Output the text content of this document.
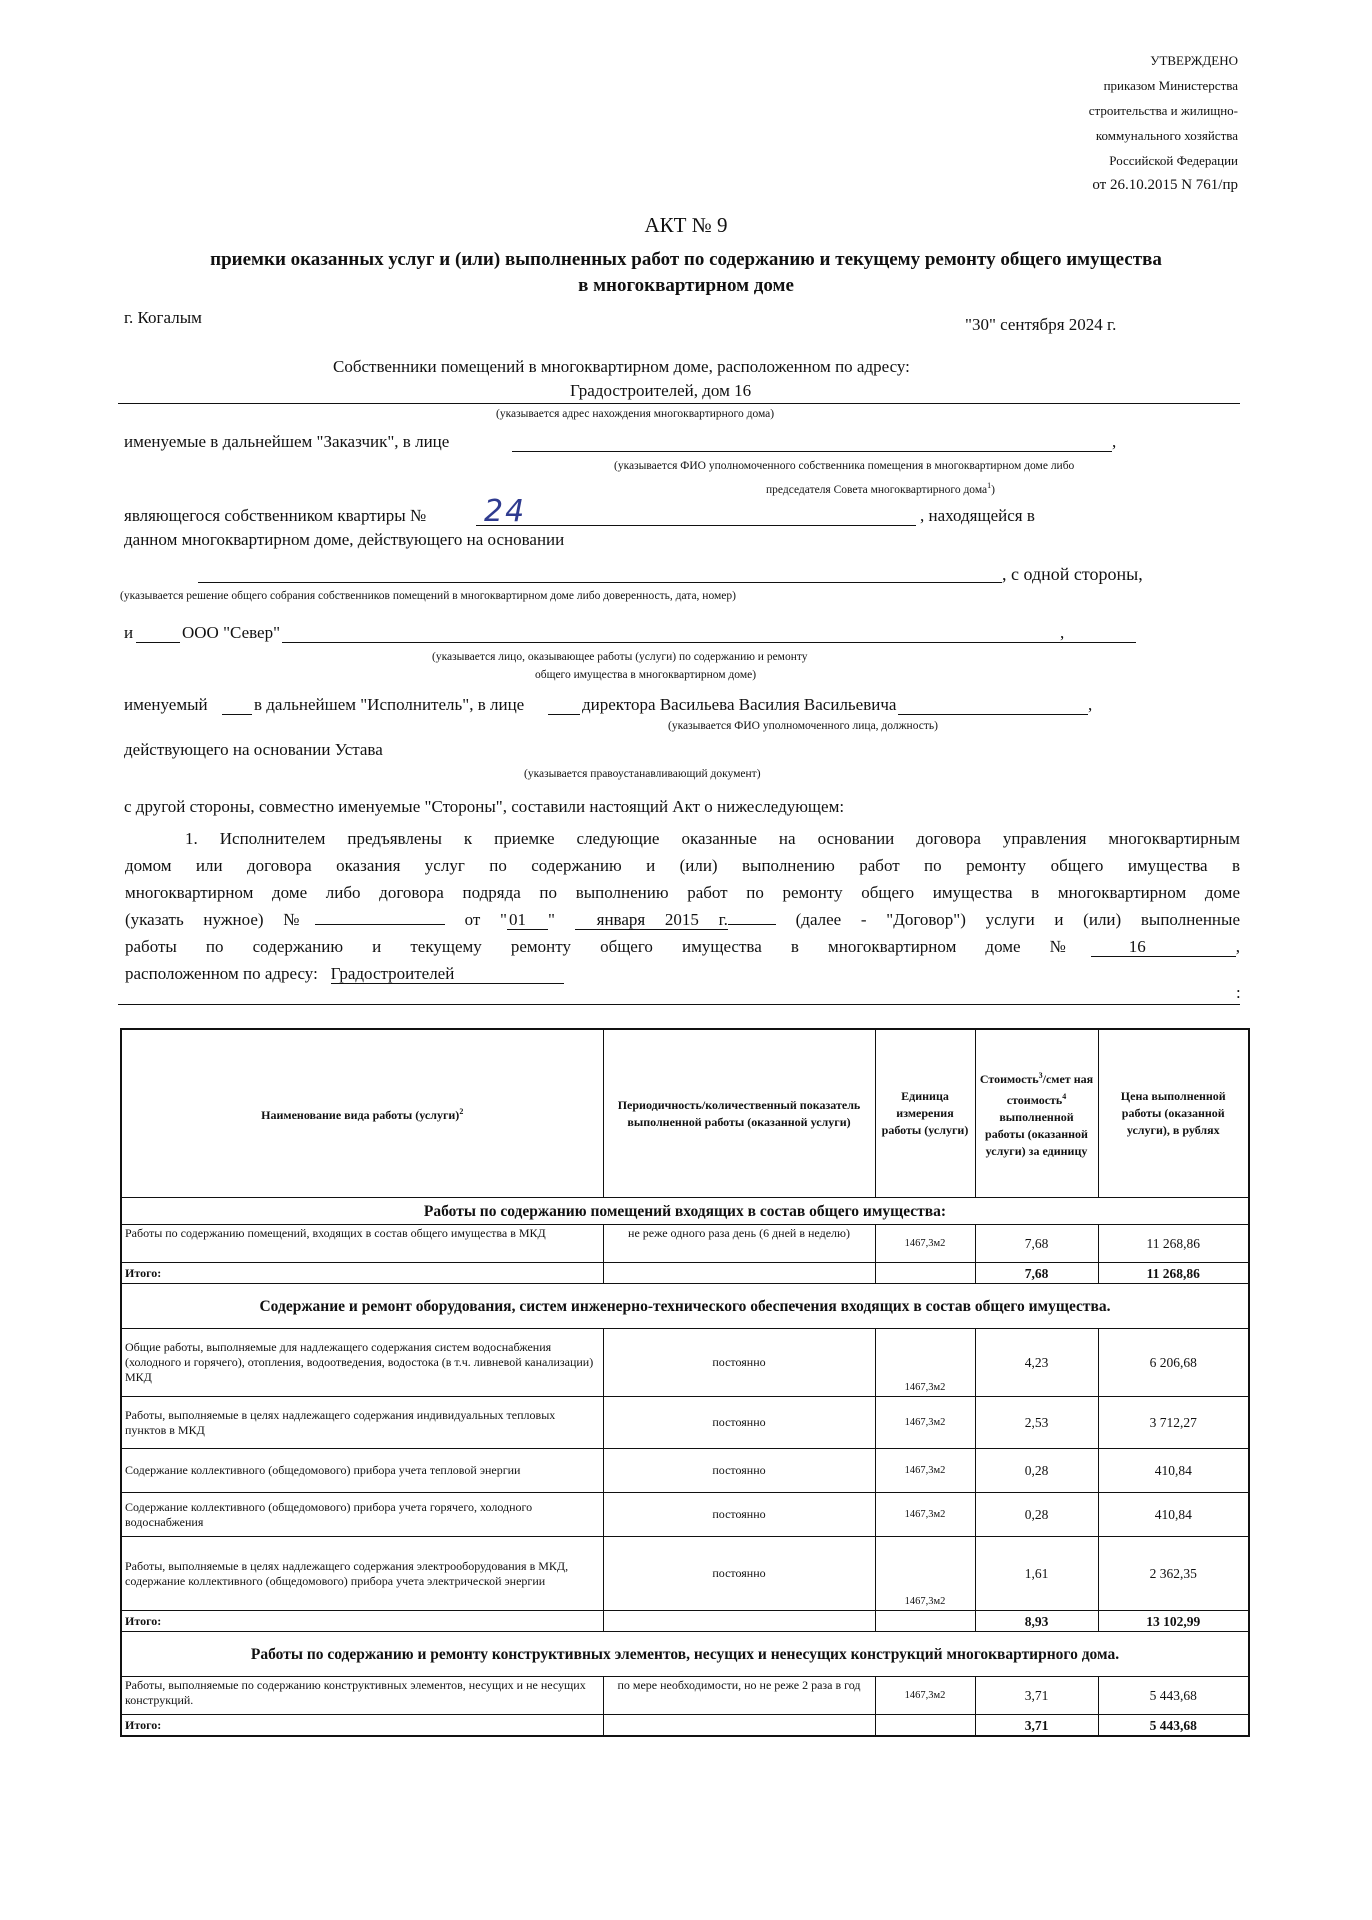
УТВЕРЖДЕНО
приказом Министерства
строительства и жилищно-
коммунального хозяйства
Российской Федерации
от 26.10.2015 N 761/пр
АКТ № 9
приемки оказанных услуг и (или) выполненных работ по содержанию и текущему ремонту общего имущества
в многоквартирном доме
г. Когалым	"30" сентября 2024 г.
Собственники помещений в многоквартирном доме, расположенном по адресу:
Градостроителей, дом 16
(указывается адрес нахождения многоквартирного дома)
именуемые в дальнейшем "Заказчик", в лице	,
(указывается ФИО уполномоченного собственника помещения в многоквартирном доме либо
председателя Совета многоквартирного дома$^1$)
являющегося собственником квартиры № 24	, находящейся в
данном многоквартирном доме, действующего на основании
, с одной стороны,
(указывается решение общего собрания собственников помещений в многоквартирном доме либо доверенность, дата, номер)
и	ООО "Север"	,
(указывается лицо, оказывающее работы (услуги) по содержанию и ремонту
общего имущества в многоквартирном доме)
именуемый	в дальнейшем "Исполнитель", в лице	директора Васильева Василия Васильевича	,
(указывается ФИО уполномоченного лица, должность)
действующего на основании Устава
(указывается правоустанавливающий документ)
с другой стороны, совместно именуемые "Стороны", составили настоящий Акт о нижеследующем:
1. Исполнителем предъявлены к приемке следующие оказанные на основании договора управления многоквартирным
домом или договора оказания услуг по содержанию и (или) выполнению работ по ремонту общего имущества в
многоквартирном доме либо договора подряда по выполнению работ по ремонту общего имущества в многоквартирном доме
(указать нужное) №	от " 01 " января 2015 г.	(далее - "Договор") услуги и (или) выполненные
работы по содержанию и текущему ремонту общего имущества в многоквартирном доме № 16	,
расположенном по адресу: Градостроителей
:
Наименование вида работы (услуги)$^2$	Периодичность/количественный показатель выполненной работы (оказанной услуги)	Единица измерения работы (услуги)	Стоимость$^3$/смет ная стоимость$^4$ выполненной работы (оказанной услуги) за единицу	Цена выполненной работы (оказанной услуги), в рублях
Работы по содержанию помещений входящих в состав общего имущества:				
Работы по содержанию помещений, входящих в состав общего имущества в МКД	не реже одного раза день (6 дней в неделю)	1467,3м2	7,68	11 268,86
Итого:			7,68	11 268,86
Содержание и ремонт оборудования, систем инженерно-технического обеспечения входящих в состав общего имущества.				
Общие работы, выполняемые для надлежащего содержания систем водоснабжения (холодного и горячего), отопления, водоотведения, водостока (в т.ч. ливневой канализации) МКД	постоянно	1467,3м2	4,23	6 206,68
Работы, выполняемые в целях надлежащего содержания индивидуальных тепловых пунктов в МКД	постоянно	1467,3м2	2,53	3 712,27
Содержание коллективного (общедомового) прибора учета тепловой энергии	постоянно	1467,3м2	0,28	410,84
Содержание коллективного (общедомового) прибора учета горячего, холодного водоснабжения	постоянно	1467,3м2	0,28	410,84
Работы, выполняемые в целях надлежащего содержания электрооборудования в МКД, содержание коллективного (общедомового) прибора учета электрической энергии	постоянно	1467,3м2	1,61	2 362,35
Итого:			8,93	13 102,99
Работы по содержанию и ремонту конструктивных элементов, несущих и ненесущих конструкций многоквартирного дома.				
Работы, выполняемые по содержанию конструктивных элементов, несущих и не несущих конструкций.	по мере необходимости, но не реже 2 раза в год	1467,3м2	3,71	5 443,68
Итого:			3,71	5 443,68
